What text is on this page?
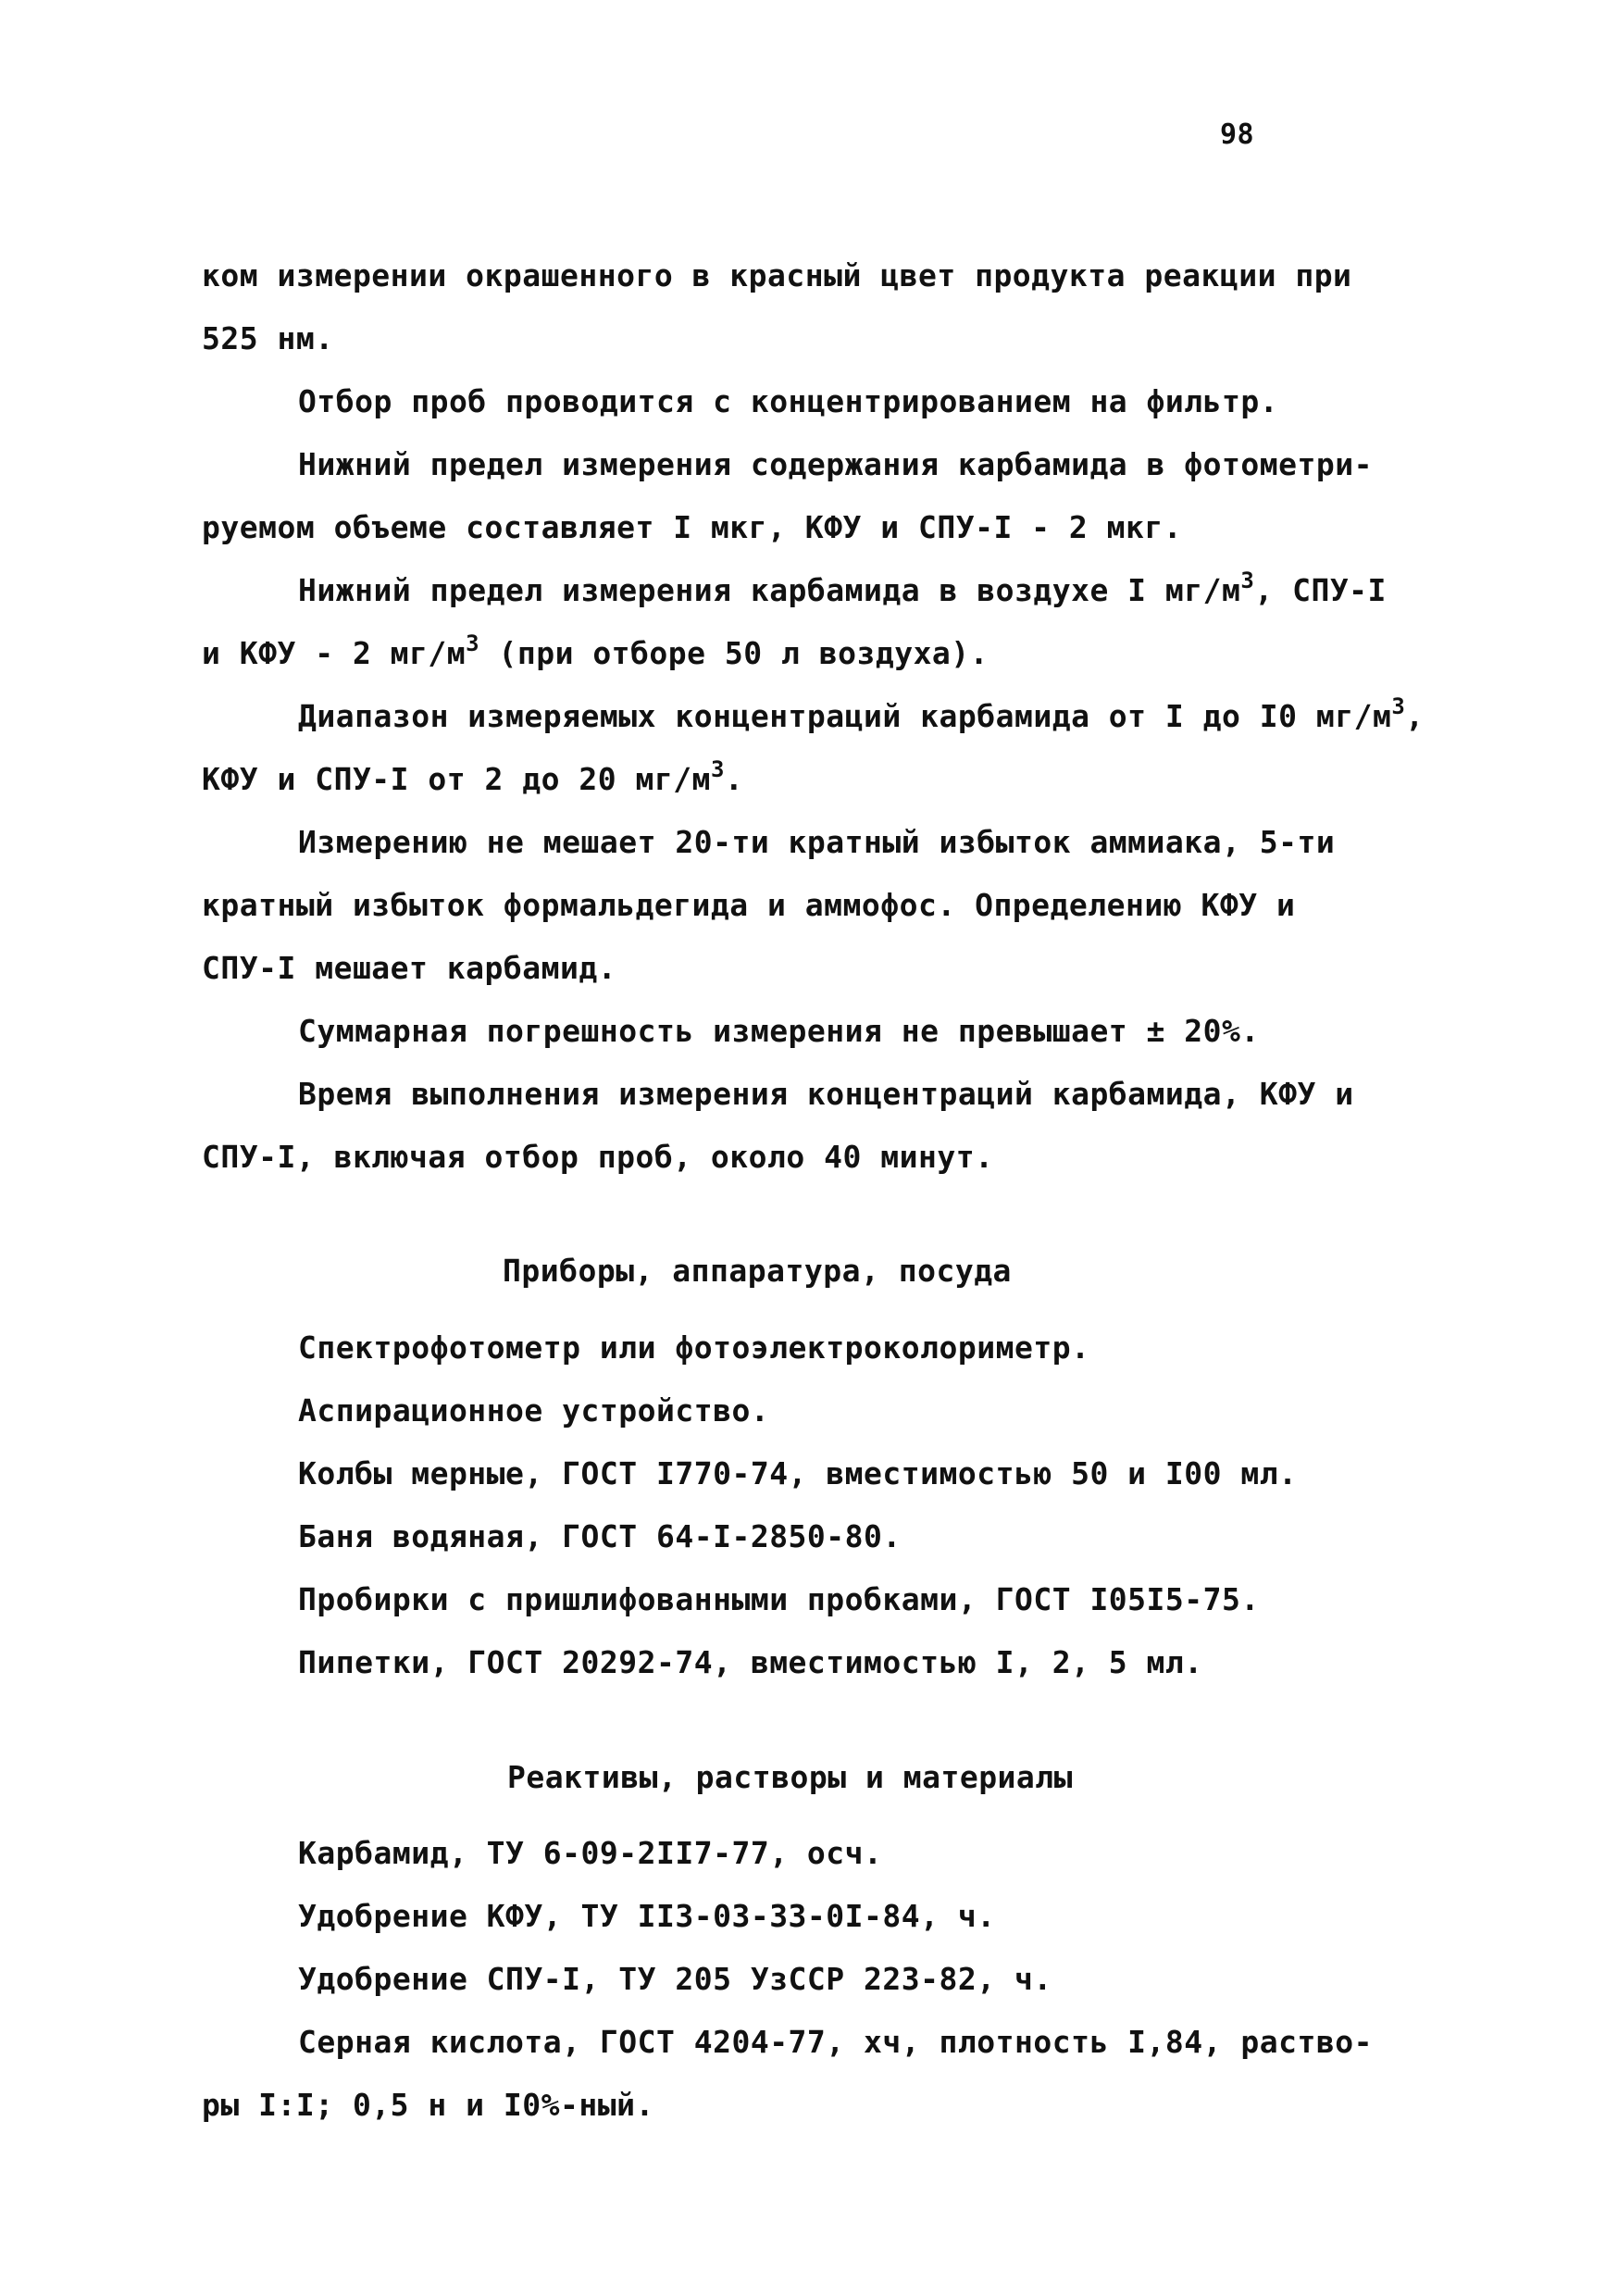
98
ком измерении окрашенного в красный цвет продукта реакции при
525 нм.
Отбор проб проводится с концентрированием на фильтр.
Нижний предел измерения содержания карбамида в фотометри-
руемом объеме составляет I мкг, КФУ и СПУ-I - 2 мкг.
Нижний предел измерения карбамида в воздухе I $мг/м^3$, СПУ-I
и КФУ - 2 $мг/м^3$ (при отборе 50 л воздуха).
Диапазон измеряемых концентраций карбамида от I до I0 $мг/м^3$,
КФУ и СПУ-I от 2 до 20 $мг/м^3$.
Измерению не мешает 20-ти кратный избыток аммиака, 5-ти
кратный избыток формальдегида и аммофос. Определению КФУ и
СПУ-I мешает карбамид.
Суммарная погрешность измерения не превышает ± 20%.
Время выполнения измерения концентраций карбамида, КФУ и
СПУ-I, включая отбор проб, около 40 минут.
Приборы, аппаратура, посуда
Спектрофотометр или фотоэлектроколориметр.
Аспирационное устройство.
Колбы мерные, ГОСТ I770-74, вместимостью 50 и I00 мл.
Баня водяная, ГОСТ 64-I-2850-80.
Пробирки с пришлифованными пробками, ГОСТ I05I5-75.
Пипетки, ГОСТ 20292-74, вместимостью I, 2, 5 мл.
Реактивы, растворы и материалы
Карбамид, ТУ 6-09-2II7-77, осч.
Удобрение КФУ, ТУ II3-03-33-0I-84, ч.
Удобрение СПУ-I, ТУ 205 УзССР 223-82, ч.
Серная кислота, ГОСТ 4204-77, хч, плотность I,84, раство-
ры I:I; 0,5 н и I0%-ный.
